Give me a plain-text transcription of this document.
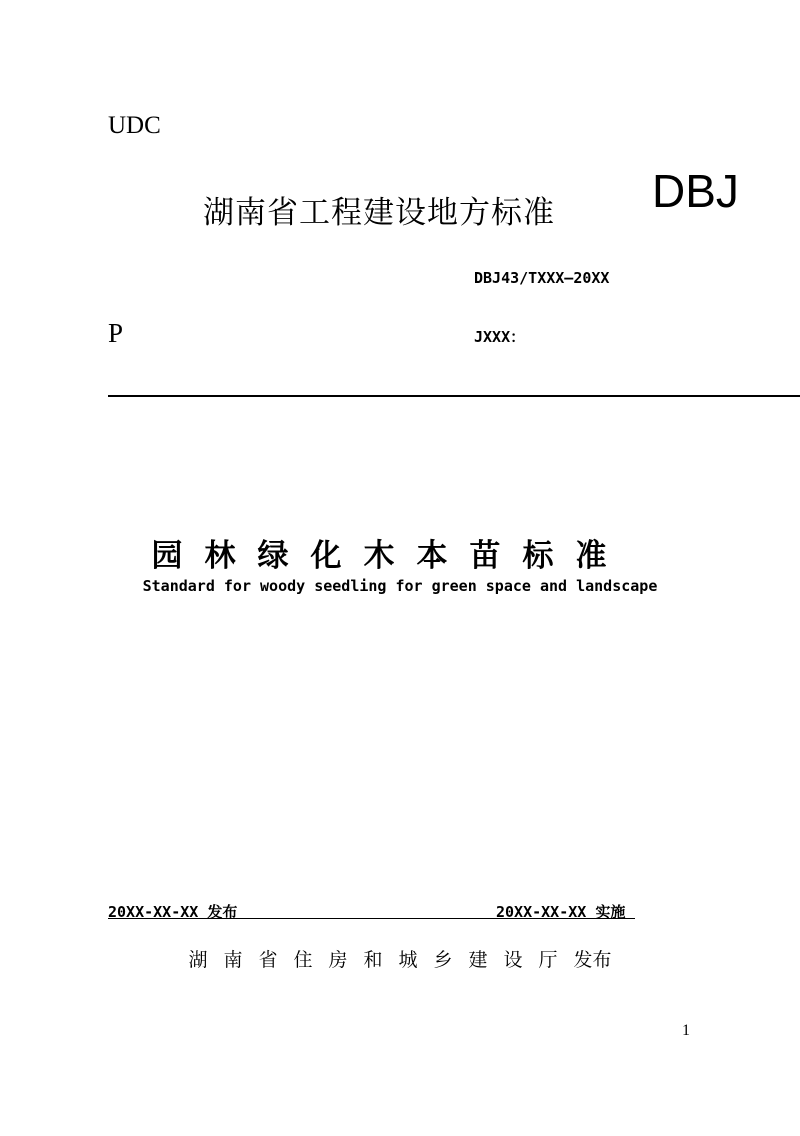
UDC
湖南省工程建设地方标准 DBJ
DBJ43/TXXX—20XX
P	JXXX：
园林绿化木本苗标准
Standard for woody seedling for green space and landscape
20XX-XX-XX 发布	20XX-XX-XX 实施
湖南省住房和城乡建设厅发布
1
